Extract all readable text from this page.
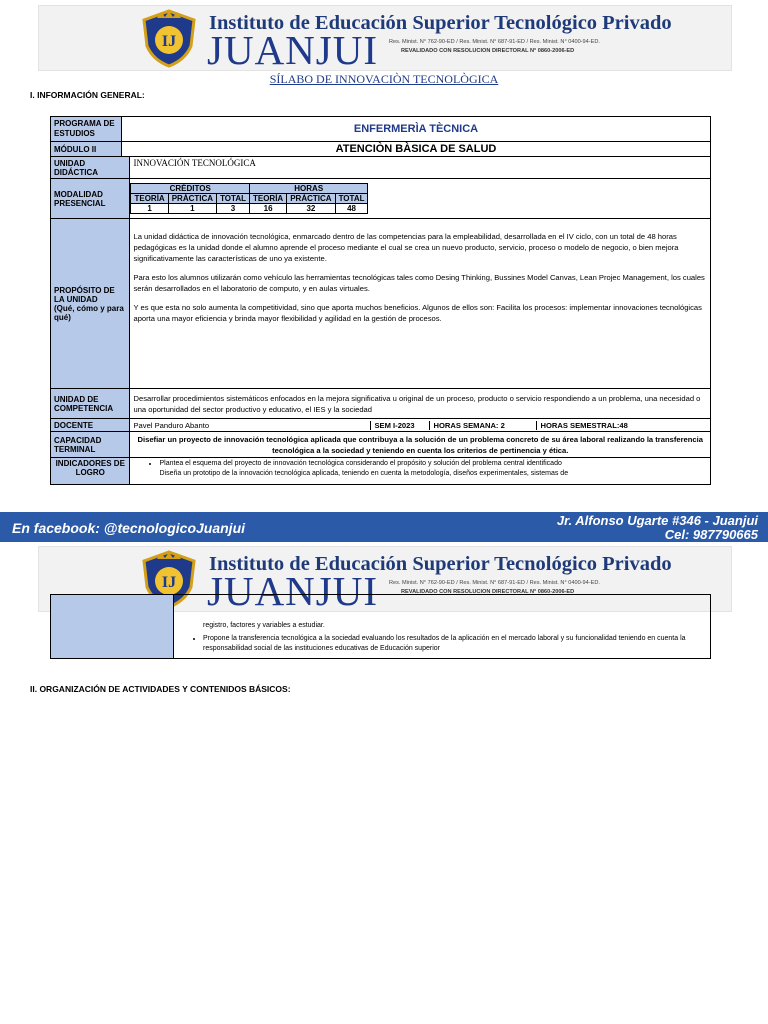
IJ
Instituto de Educación Superior Tecnológico Privado
JUANJUI Res. Minist. N° 762-90-ED / Res. Minist. N° 687-91-ED / Res. Minist. N° 0400-94-ED.
REVALIDADO CON RESOLUCION DIRECTORAL N° 0860-2006-ED
SÍLABO DE INNOVACIÒN TECNOLÒGICA
I. INFORMACIÓN GENERAL:
PROGRAMA DE ESTUDIOS	ENFERMERÌA TÈCNICA
MÓDULO II	ATENCIÒN BÀSICA DE SALUD
UNIDAD DIDÁCTICA	INNOVACIÓN TECNOLÓGICA
MODALIDAD PRESENCIAL	
CRÉDITOS	HORAS
TEORÍA	PRÁCTICA	TOTAL	TEORÍA	PRÁCTICA	TOTAL
1	1	3	16	32	48

PROPÓSITO DE LA UNIDAD
(Qué, cómo y para qué)

La unidad didáctica de innovación tecnológica, enmarcado dentro de las competencias para la empleabilidad, desarrollada en el IV ciclo, con un total de 48 horas pedagógicas es la unidad donde el alumno aprende el proceso mediante el cual se crea un nuevo producto, servicio, proceso o modelo de negocio, o bien mejora significativamente las características de uno ya existente.

Para esto los alumnos utilizarán como vehículo las herramientas tecnológicas tales como Desing Thinking, Bussines Model Canvas, Lean Projec Management, los cuales serán desarrollados en el laboratorio de computo, y en aulas virtuales.

Y es que esta no solo aumenta la competitividad, sino que aporta muchos beneficios. Algunos de ellos son: Facilita los procesos: implementar innovaciones tecnológicas aporta una mayor eficiencia y brinda mayor flexibilidad y agilidad en la gestión de procesos.

UNIDAD DE COMPETENCIA	Desarrollar procedimientos sistemáticos enfocados en la mejora significativa u original de un proceso, producto o servicio respondiendo a un problema, una necesidad o una oportunidad del sector productivo y educativo, el IES y la sociedad
DOCENTE		Pavel Panduro Abanto	SEM I-2023	HORAS SEMANA: 2	HORAS SEMESTRAL:48

CAPACIDAD TERMINAL	Disefiar un proyecto de innovación tecnológica aplicada que contribuya a la solución de un problema concreto de su área laboral realizando la transferencia tecnológica a la sociedad y teniendo en cuenta los criterios de pertinencia y ética.
INDICADORES DE LOGRO	
• Plantea el esquema del proyecto de innovación tecnológica considerando el propósito y solución del problema central identificado
• Diseña un prototipo de la innovación tecnológica aplicada, teniendo en cuenta la metodología, diseños experimentales, sistemas de
En facebook: @tecnologicoJuanjui	Jr. Alfonso Ugarte #346 - Juanjui
Cel: 987790665
IJ
Instituto de Educación Superior Tecnológico Privado
JUANJUI Res. Minist. N° 762-90-ED / Res. Minist. N° 687-91-ED / Res. Minist. N° 0400-94-ED.
REVALIDADO CON RESOLUCION DIRECTORAL N° 0860-2006-ED

registro, factores y variables a estudiar.
• Propone la transferencia tecnológica a la sociedad evaluando los resultados de la aplicación en el mercado laboral y su funcionalidad teniendo en cuenta la responsabilidad social de las instituciones educativas de Educación superior
II. ORGANIZACIÓN DE ACTIVIDADES Y CONTENIDOS BÁSICOS:
